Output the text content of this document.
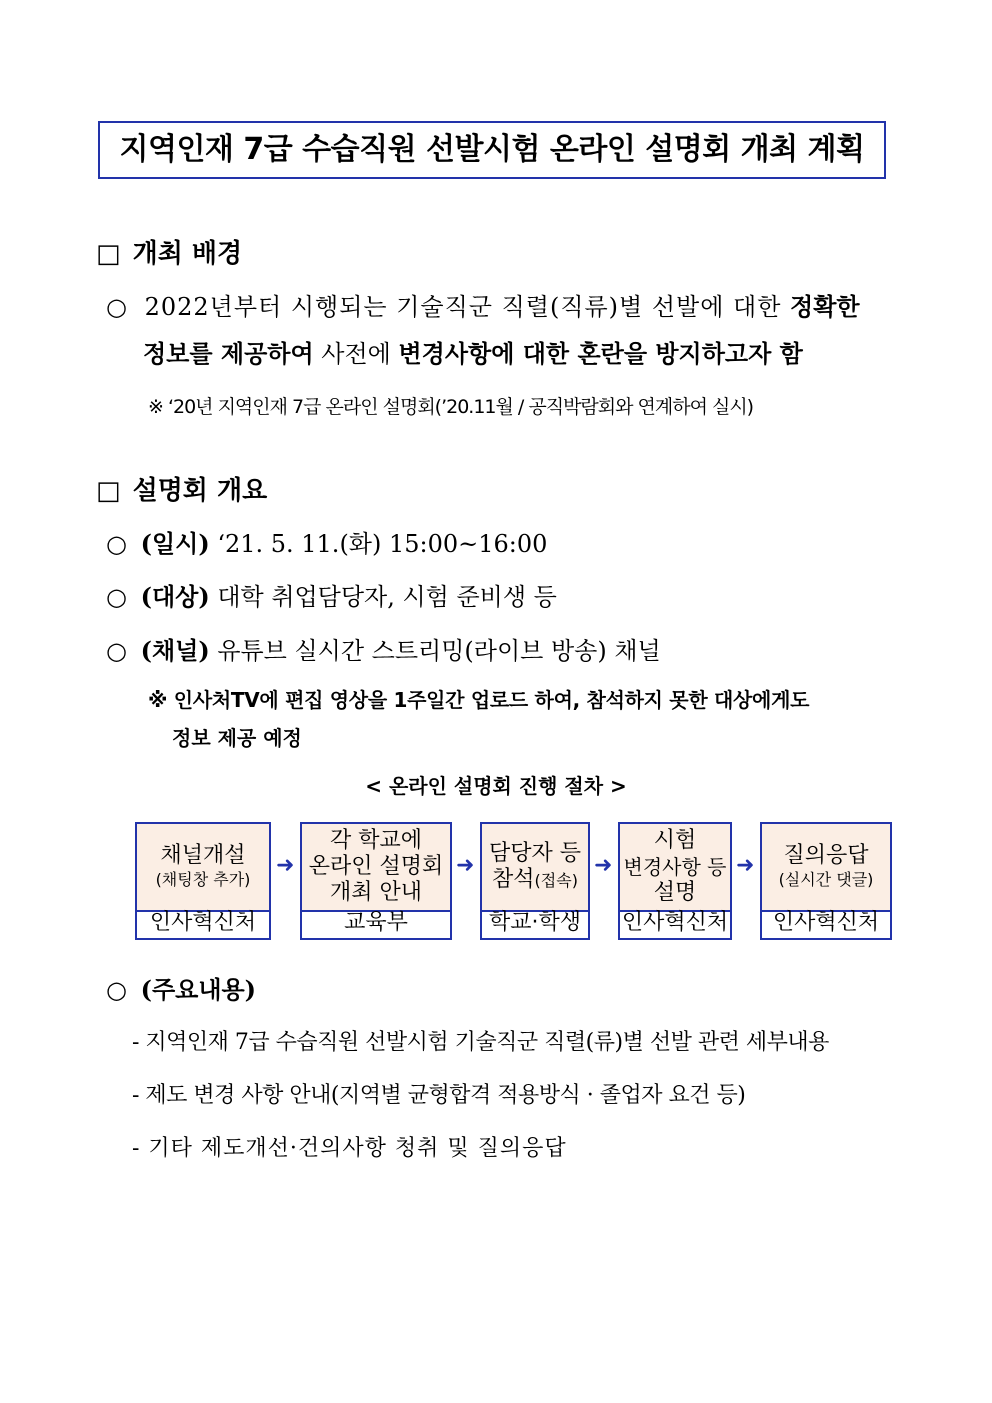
지역인재 7급 수습직원 선발시험 온라인 설명회 개최 계획
□ 개최 배경
○ 2022년부터 시행되는 기술직군 직렬(직류)별 선발에 대한 정확한
정보를 제공하여 사전에 변경사항에 대한 혼란을 방지하고자 함
※ ‘20년 지역인재 7급 온라인 설명회(’20.11월 / 공직박람회와 연계하여 실시)
□ 설명회 개요
○ (일시) ‘21. 5. 11.(화) 15:00~16:00
○ (대상) 대학 취업담당자, 시험 준비생 등
○ (채널) 유튜브 실시간 스트리밍(라이브 방송) 채널
※ 인사처TV에 편집 영상을 1주일간 업로드 하여, 참석하지 못한 대상에게도
정보 제공 예정
< 온라인 설명회 진행 절차 >
채널개설
(채팅창 추가)
인사혁신처
➜
각 학교에
온라인 설명회
개최 안내
교육부
➜ 담당자 등
참석(접속)
학교·학생
➜
시험
변경사항 등
설명
인사혁신처
➜ 질의응답
(실시간 댓글)
인사혁신처
○ (주요내용)
- 지역인재 7급 수습직원 선발시험 기술직군 직렬(류)별 선발 관련 세부내용
- 제도 변경 사항 안내(지역별 균형합격 적용방식 · 졸업자 요건 등)
- 기타 제도개선·건의사항 청취 및 질의응답
